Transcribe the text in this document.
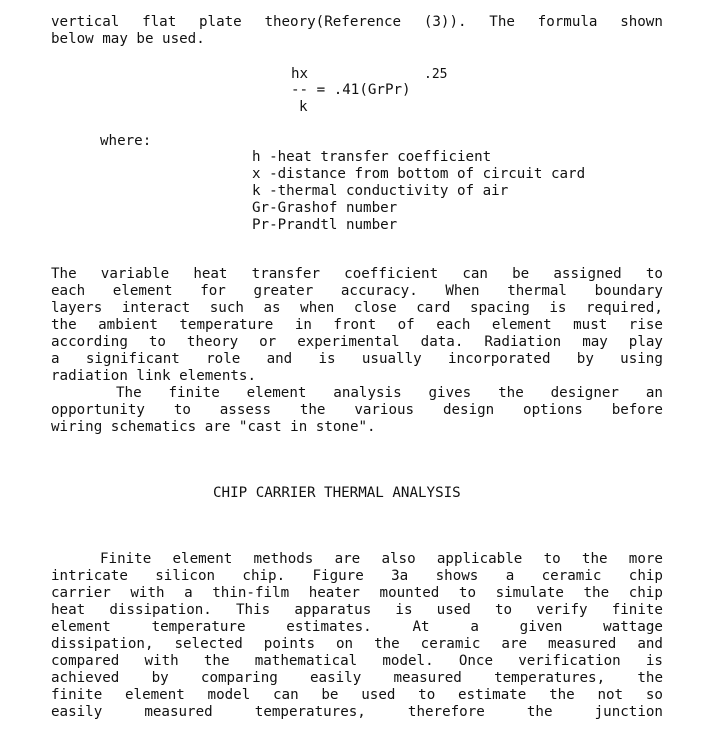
vertical flat plate theory(Reference (3)). The formula shown
below may be used.
hx	.25
-- = .41(GrPr)
k
where:
h -heat transfer coefficient
x -distance from bottom of circuit card
k -thermal conductivity of air
Gr-Grashof number
Pr-Prandtl number
The variable heat transfer coefficient can be assigned to
each element for greater accuracy. When thermal boundary
layers interact such as when close card spacing is required,
the ambient temperature in front of each element must rise
according to theory or experimental data. Radiation may play
a significant role and is usually incorporated by using
radiation link elements.
The finite element analysis gives the designer an
opportunity to assess the various design options before
wiring schematics are "cast in stone".
CHIP CARRIER THERMAL ANALYSIS
Finite element methods are also applicable to the more
intricate silicon chip. Figure 3a shows a ceramic chip
carrier with a thin-film heater mounted to simulate the chip
heat dissipation. This apparatus is used to verify finite
element	temperature	estimates.	At	a	given	wattage
dissipation, selected points on the ceramic are measured and
compared with the mathematical model. Once verification is
achieved by comparing easily measured temperatures, the
finite element model can be used to estimate the not so
easily	measured	temperatures,	therefore	the	junction
